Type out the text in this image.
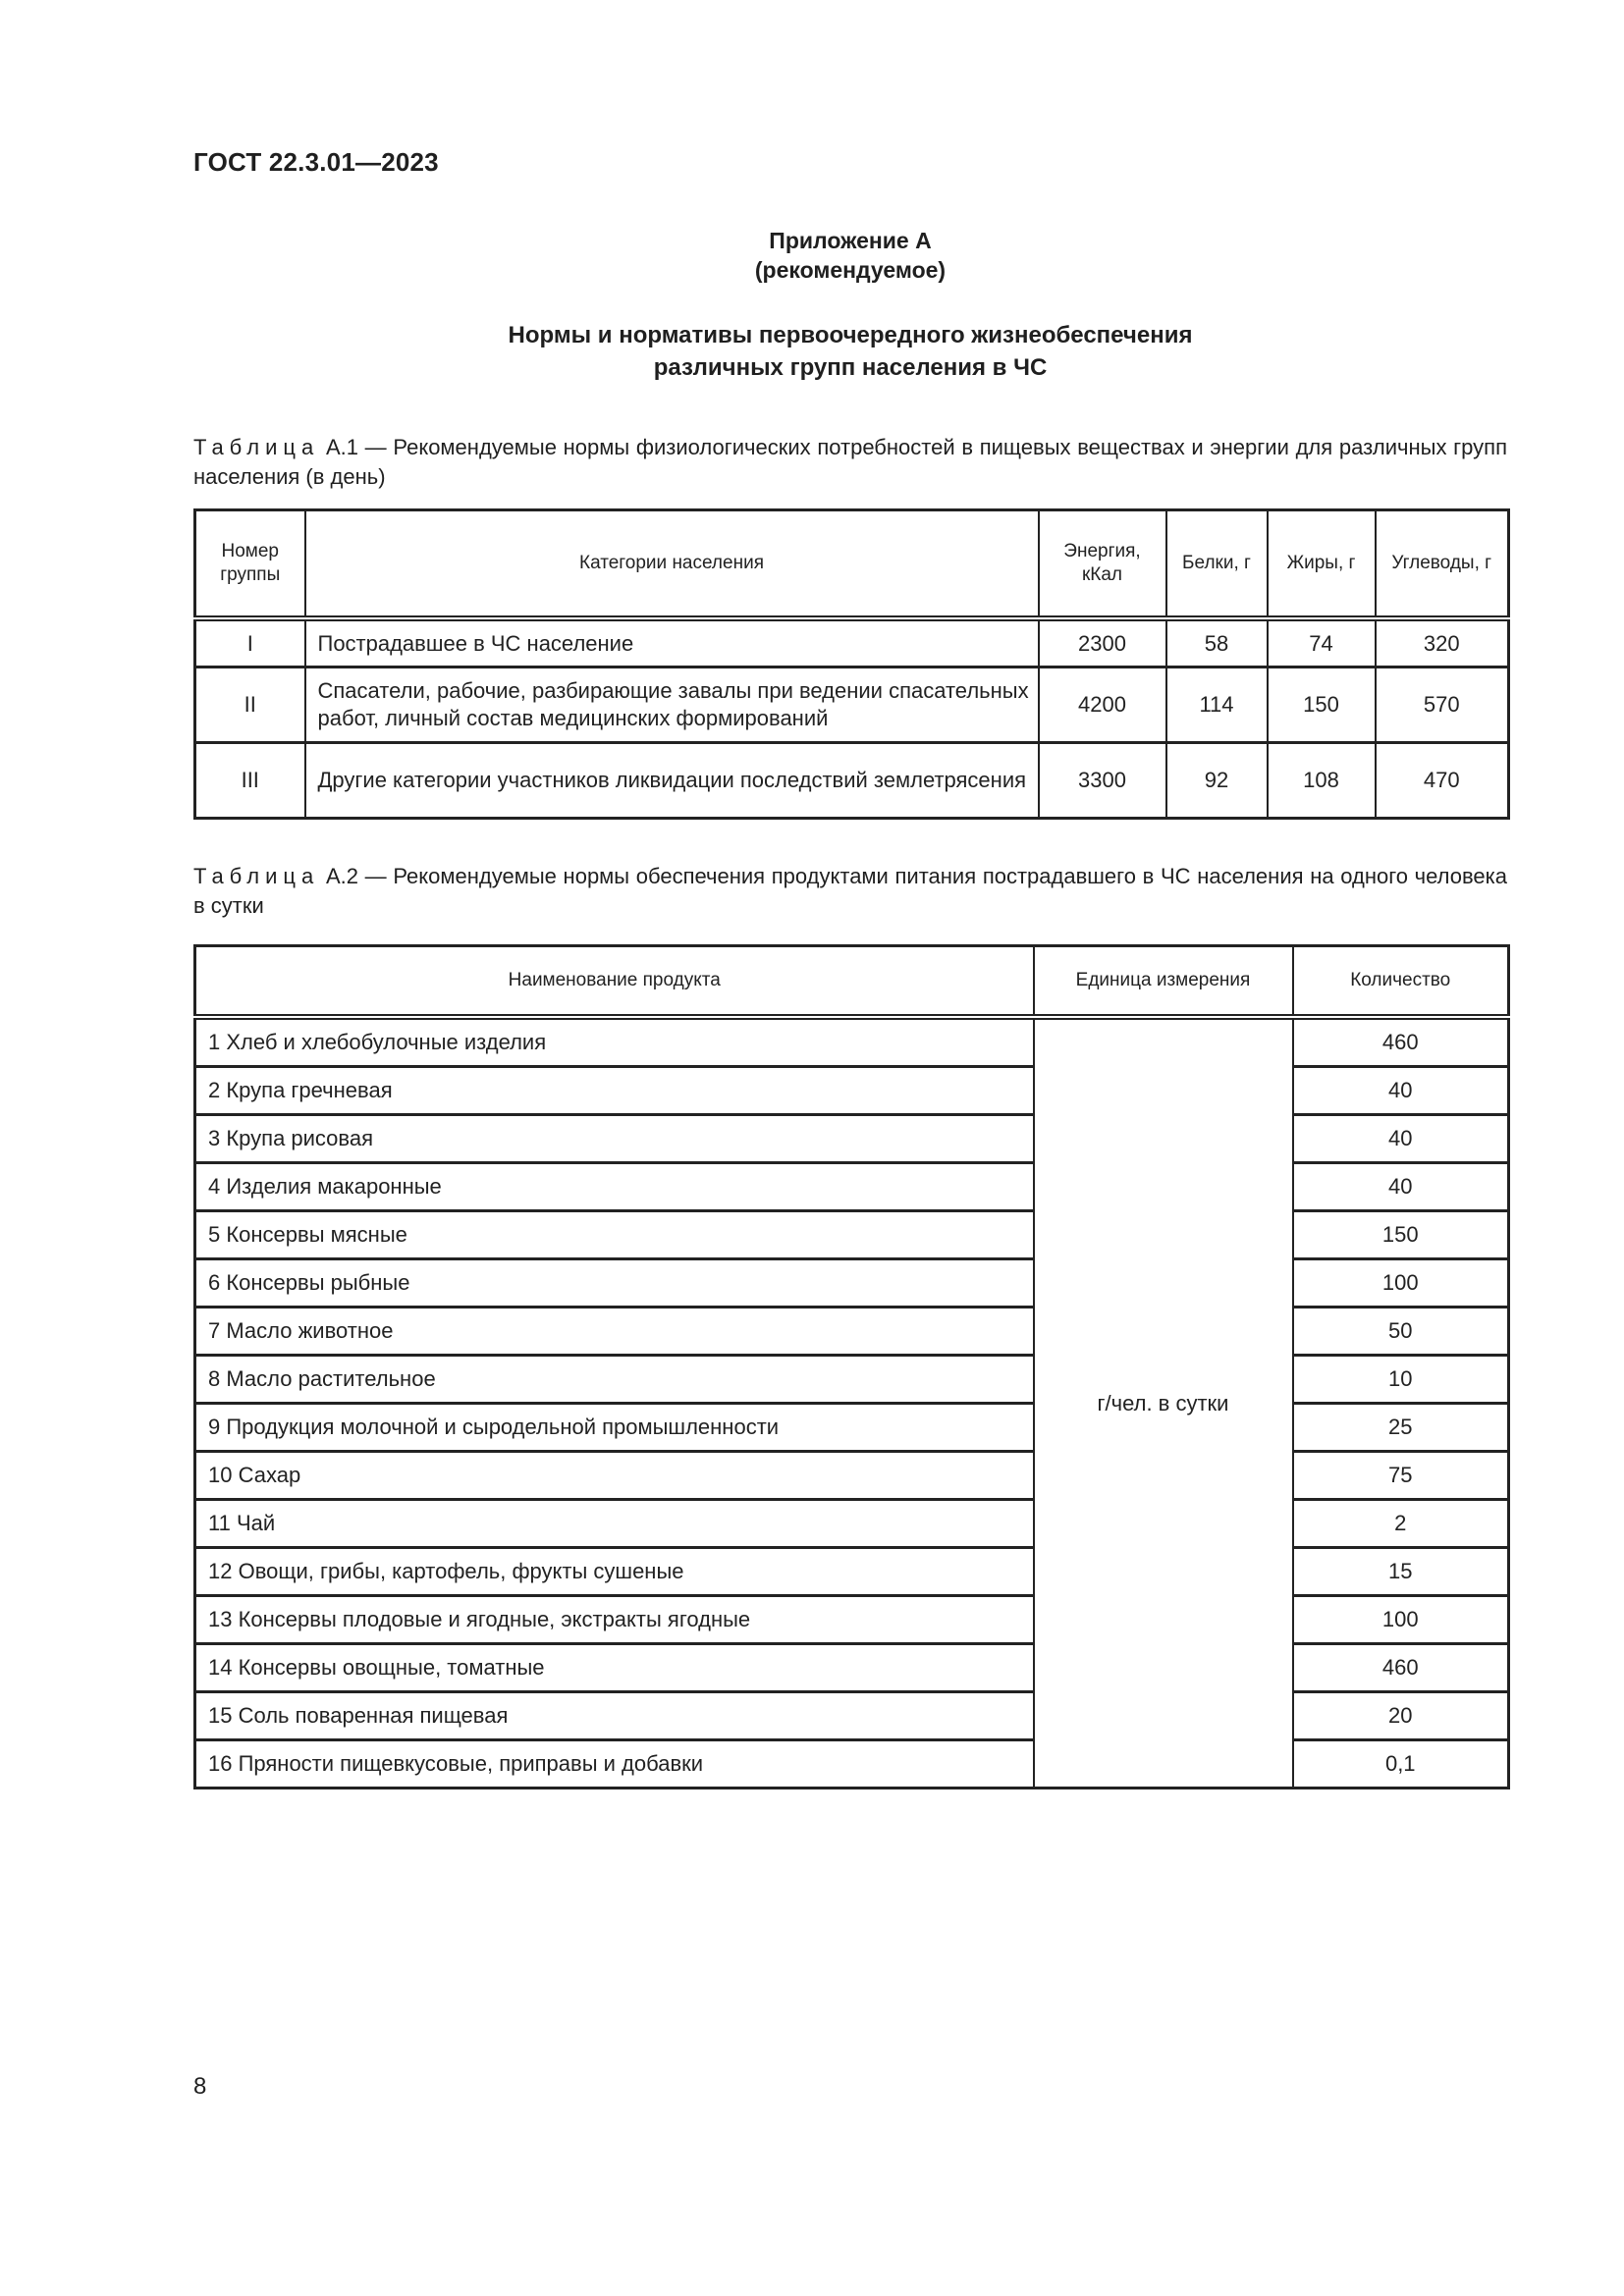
ГОСТ 22.3.01—2023
Приложение А
(рекомендуемое)
Нормы и нормативы первоочередного жизнеобеспечения
различных групп населения в ЧС
Таблица А.1 — Рекомендуемые нормы физиологических потребностей в пищевых веществах и энергии для различных групп населения (в день)
Номер группы	Категории населения	Энергия, кКал	Белки, г	Жиры, г	Углеводы, г
I	Пострадавшее в ЧС население	2300	58	74	320
II	Спасатели, рабочие, разбирающие завалы при ведении спасательных работ, личный состав медицинских формирований	4200	114	150	570
III	Другие категории участников ликвидации последствий землетрясения	3300	92	108	470
Таблица А.2 — Рекомендуемые нормы обеспечения продуктами питания пострадавшего в ЧС населения на одного человека в сутки
Наименование продукта	Единица измерения	Количество
1 Хлеб и хлебобулочные изделия	г/чел. в сутки	460
2 Крупа гречневая		40
3 Крупа рисовая		40
4 Изделия макаронные		40
5 Консервы мясные		150
6 Консервы рыбные		100
7 Масло животное		50
8 Масло растительное		10
9 Продукция молочной и сыродельной промышленности		25
10 Сахар		75
11 Чай		2
12 Овощи, грибы, картофель, фрукты сушеные		15
13 Консервы плодовые и ягодные, экстракты ягодные		100
14 Консервы овощные, томатные		460
15 Соль поваренная пищевая		20
16 Пряности пищевкусовые, приправы и добавки		0,1
8
